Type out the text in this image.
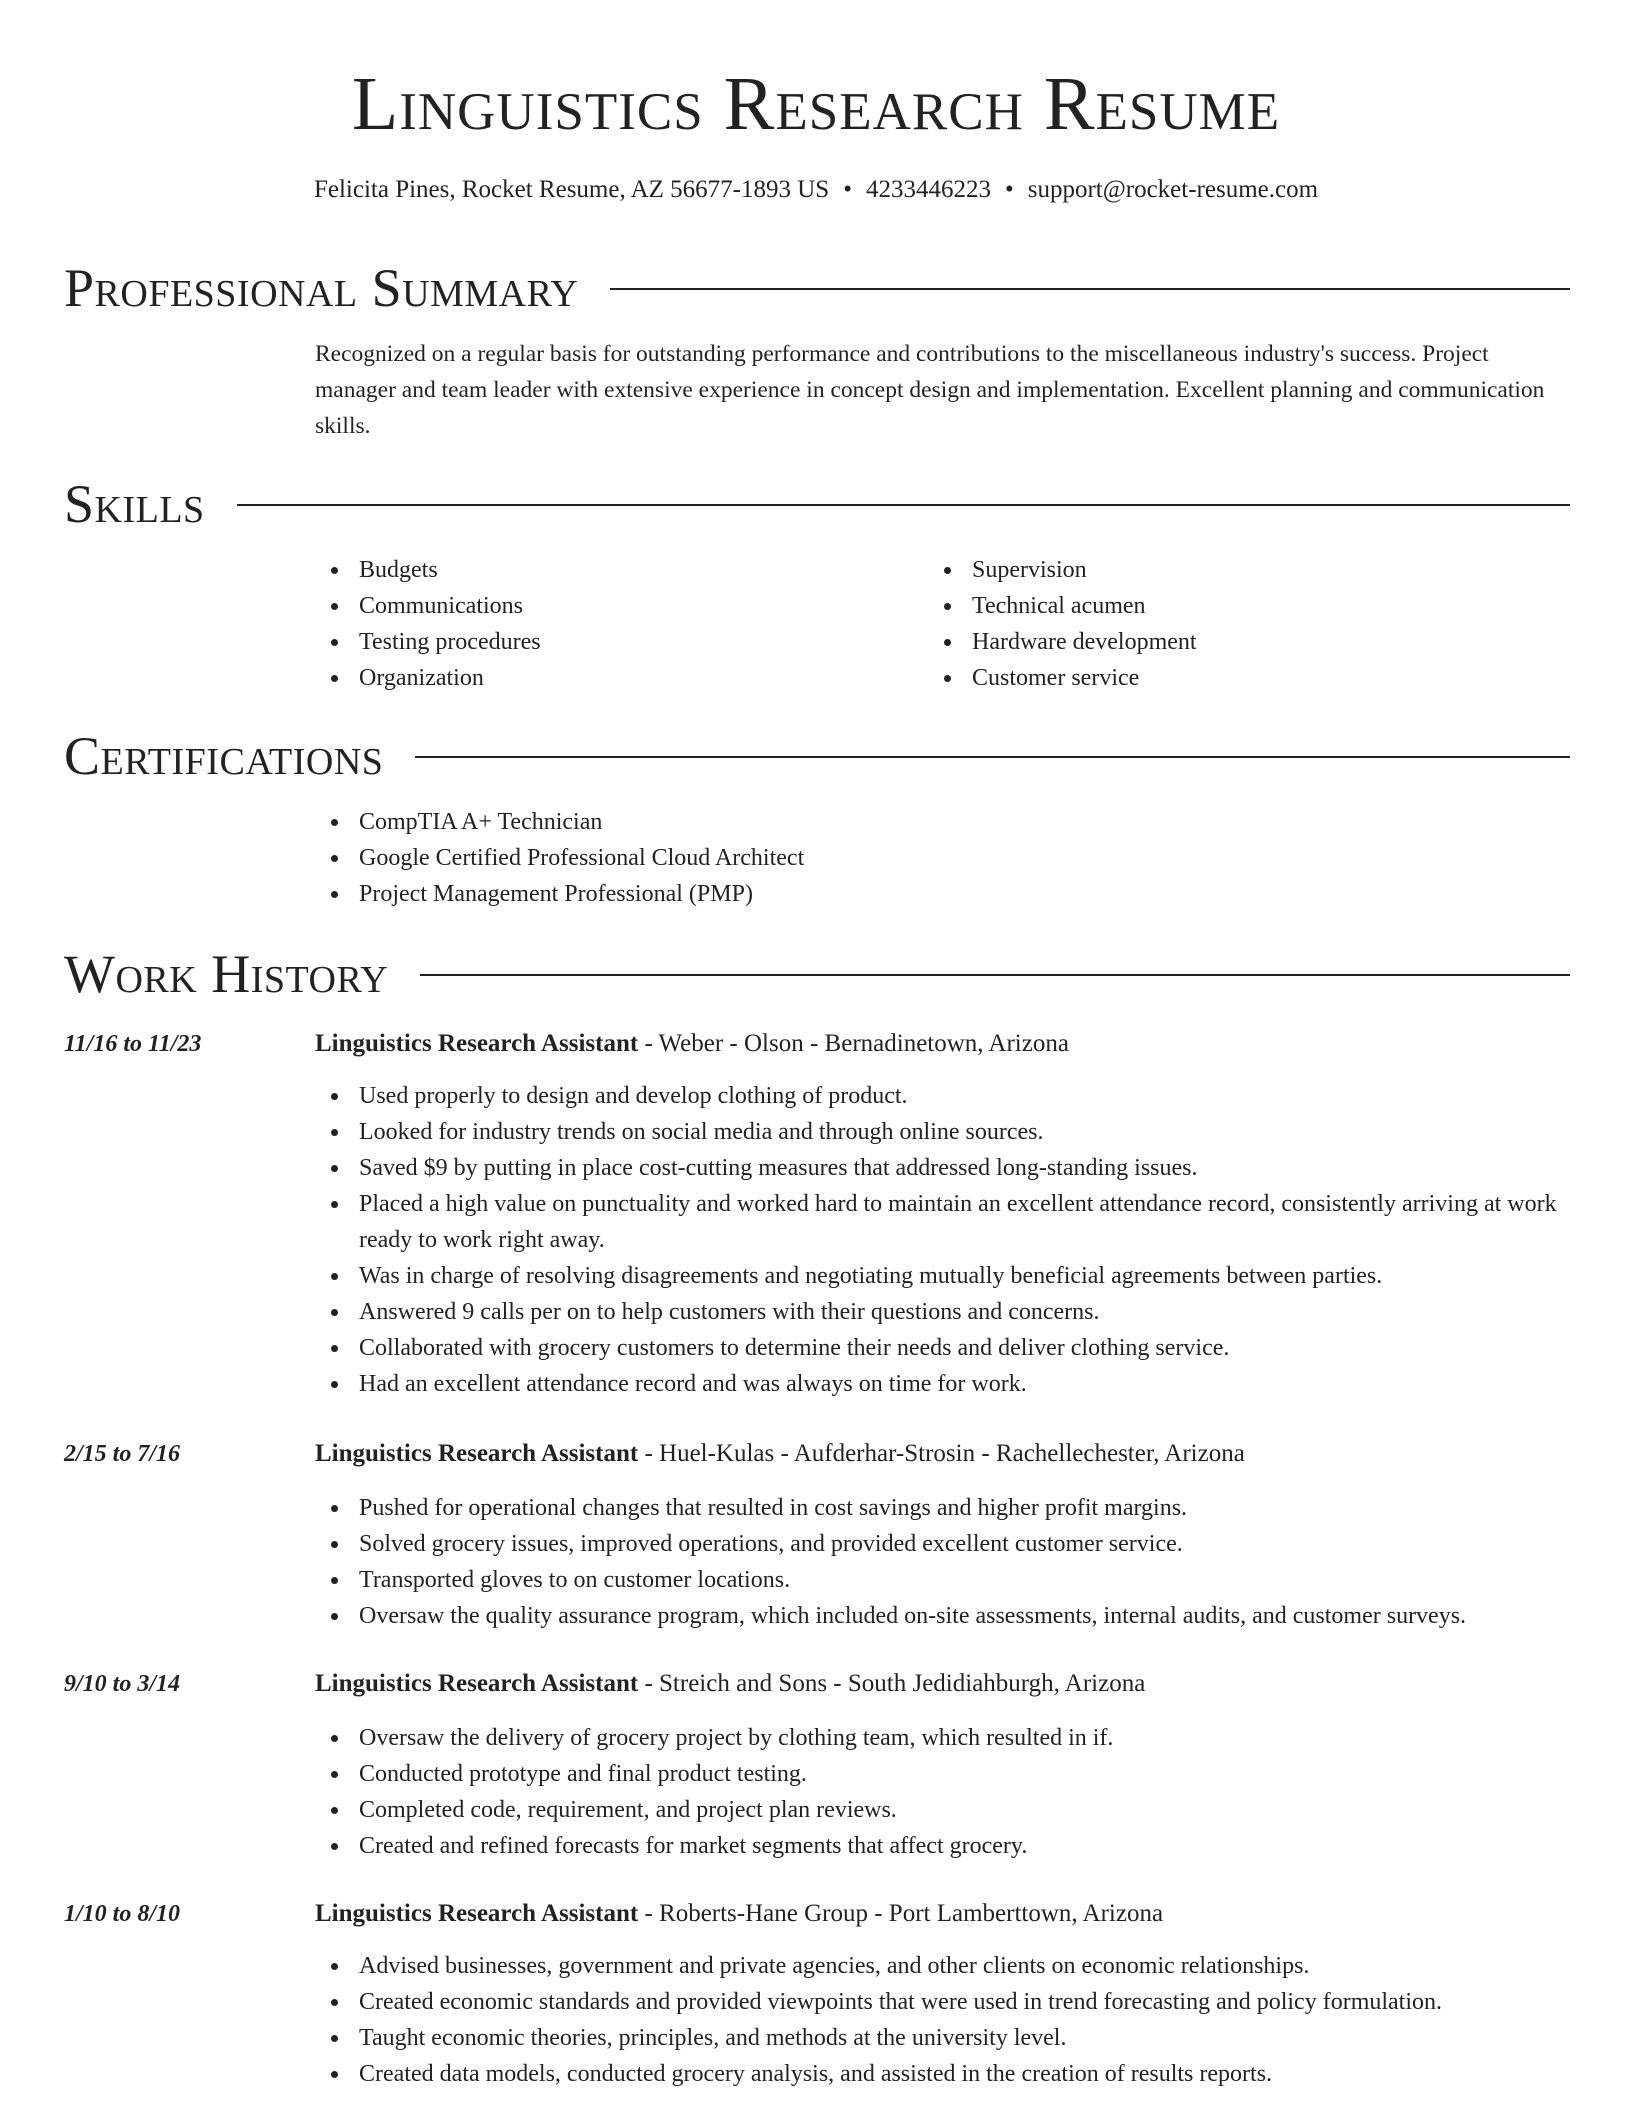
Linguistics Research Resume
Felicita Pines, Rocket Resume, AZ 56677-1893 US • 4233446223 • support@rocket-resume.com
Professional Summary

Recognized on a regular basis for outstanding performance and contributions to the miscellaneous industry's success. Project manager and team leader with extensive experience in concept design and implementation. Excellent planning and communication skills.

Skills
Budgets
Communications
Testing procedures
Organization
Supervision
Technical acumen
Hardware development
Customer service
Certifications
CompTIA A+ Technician
Google Certified Professional Cloud Architect
Project Management Professional (PMP)
Work History
11/16 to 11/23	Linguistics Research Assistant - Weber - Olson - Bernadinetown, Arizona
Used properly to design and develop clothing of product.
Looked for industry trends on social media and through online sources.
Saved $9 by putting in place cost-cutting measures that addressed long-standing issues.
Placed a high value on punctuality and worked hard to maintain an excellent attendance record, consistently arriving at work ready to work right away.
Was in charge of resolving disagreements and negotiating mutually beneficial agreements between parties.
Answered 9 calls per on to help customers with their questions and concerns.
Collaborated with grocery customers to determine their needs and deliver clothing service.
Had an excellent attendance record and was always on time for work.
2/15 to 7/16	Linguistics Research Assistant - Huel-Kulas - Aufderhar-Strosin - Rachellechester, Arizona
Pushed for operational changes that resulted in cost savings and higher profit margins.
Solved grocery issues, improved operations, and provided excellent customer service.
Transported gloves to on customer locations.
Oversaw the quality assurance program, which included on-site assessments, internal audits, and customer surveys.
9/10 to 3/14	Linguistics Research Assistant - Streich and Sons - South Jedidiahburgh, Arizona
Oversaw the delivery of grocery project by clothing team, which resulted in if.
Conducted prototype and final product testing.
Completed code, requirement, and project plan reviews.
Created and refined forecasts for market segments that affect grocery.
1/10 to 8/10	Linguistics Research Assistant - Roberts-Hane Group - Port Lamberttown, Arizona
Advised businesses, government and private agencies, and other clients on economic relationships.
Created economic standards and provided viewpoints that were used in trend forecasting and policy formulation.
Taught economic theories, principles, and methods at the university level.
Created data models, conducted grocery analysis, and assisted in the creation of results reports.
